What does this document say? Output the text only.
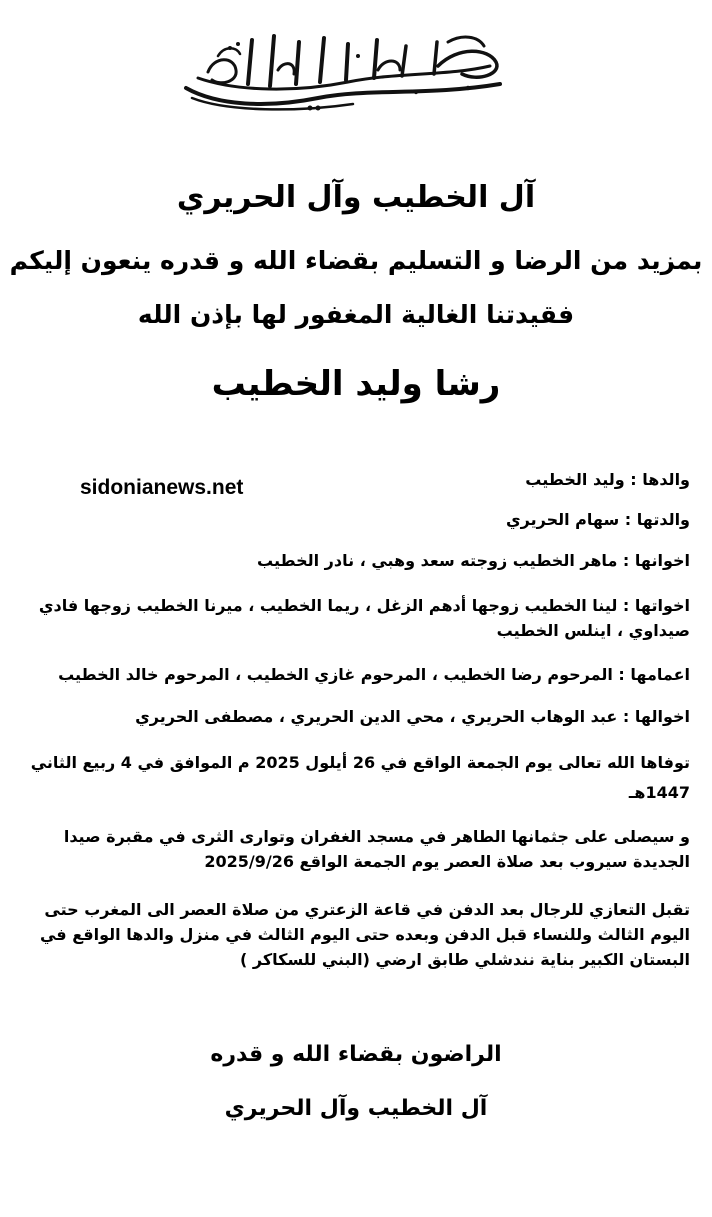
آل الخطيب وآل الحريري
بمزيد من الرضا و التسليم بقضاء الله و قدره ينعون إليكم
فقيدتنا الغالية المغفور لها بإذن الله
رشا وليد الخطيب
sidonianews.net	والدها : وليد الخطيب
والدتها : سهام الحريري
اخوانها : ماهر الخطيب زوجته سعد وهبي ، نادر الخطيب
اخواتها : لينا الخطيب زوجها أدهم الزغل ، ريما الخطيب ، ميرنا الخطيب زوجها فادي صيداوي ، اينلس الخطيب
اعمامها : المرحوم رضا الخطيب ، المرحوم غازي الخطيب ، المرحوم خالد الخطيب
اخوالها : عبد الوهاب الحريري ، محي الدين الحريري ، مصطفى الحريري
توفاها الله تعالى يوم الجمعة الواقع في 26 أيلول 2025 م الموافق في 4 ربيع الثاني 1447هـ
و سيصلى على جثمانها الطاهر في مسجد الغفران وتوارى الثرى في مقبرة صيدا الجديدة سيروب بعد صلاة العصر يوم الجمعة الواقع 2025/9/26
تقبل التعازي للرجال بعد الدفن في قاعة الزعتري من صلاة العصر الى المغرب حتى اليوم الثالث وللنساء قبل الدفن وبعده حتى اليوم الثالث في منزل والدها الواقع في البستان الكبير بناية نندشلي طابق ارضي (البني للسكاكر )
الراضون بقضاء الله و قدره
آل الخطيب وآل الحريري
